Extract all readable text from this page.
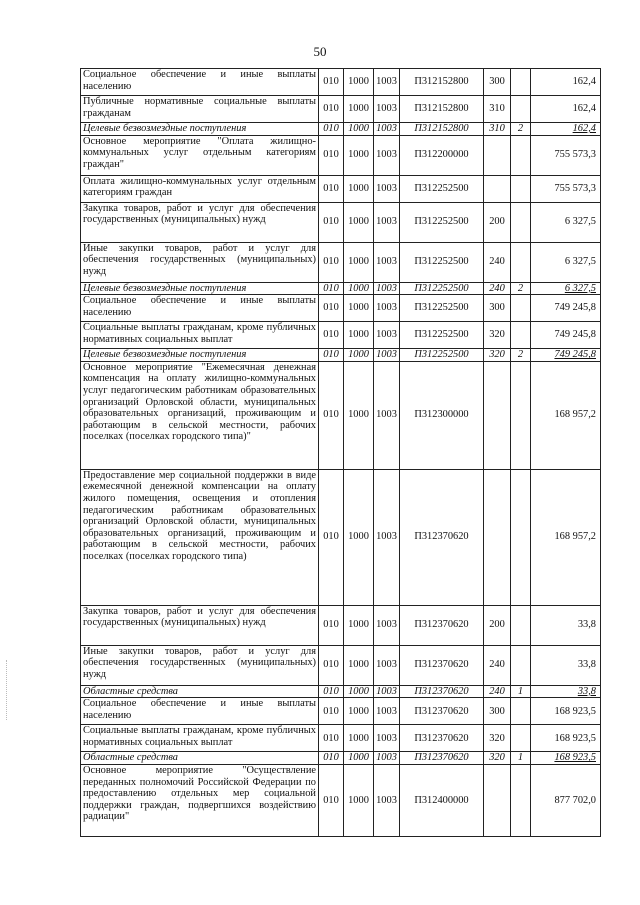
50
Социальное обеспечение и иные выплаты населению	010	1000	1003	П312152800	300		162,4
Публичные нормативные социальные выплаты гражданам	010	1000	1003	П312152800	310		162,4
Целевые безвозмездные поступления	010	1000	1003	П312152800	310	2	162,4
Основное мероприятие "Оплата жилищно-коммунальных услуг отдельным категориям граждан"	010	1000	1003	П312200000			755 573,3
Оплата жилищно-коммунальных услуг отдельным категориям граждан	010	1000	1003	П312252500			755 573,3
Закупка товаров, работ и услуг для обеспечения государственных (муниципальных) нужд	010	1000	1003	П312252500	200		6 327,5
Иные закупки товаров, работ и услуг для обеспечения государственных (муниципальных) нужд	010	1000	1003	П312252500	240		6 327,5
Целевые безвозмездные поступления	010	1000	1003	П312252500	240	2	6 327,5
Социальное обеспечение и иные выплаты населению	010	1000	1003	П312252500	300		749 245,8
Социальные выплаты гражданам, кроме публичных нормативных социальных выплат	010	1000	1003	П312252500	320		749 245,8
Целевые безвозмездные поступления	010	1000	1003	П312252500	320	2	749 245,8
Основное мероприятие "Ежемесячная денежная компенсация на оплату жилищно-коммунальных услуг педагогическим работникам образовательных организаций Орловской области, муниципальных образовательных организаций, проживающим и работающим в сельской местности, рабочих поселках (поселках городского типа)"	010	1000	1003	П312300000			168 957,2
Предоставление мер социальной поддержки в виде ежемесячной денежной компенсации на оплату жилого помещения, освещения и отопления педагогическим работникам образовательных организаций Орловской области, муниципальных образовательных организаций, проживающим и работающим в сельской местности, рабочих поселках (поселках городского типа)	010	1000	1003	П312370620			168 957,2
Закупка товаров, работ и услуг для обеспечения государственных (муниципальных) нужд	010	1000	1003	П312370620	200		33,8
Иные закупки товаров, работ и услуг для обеспечения государственных (муниципальных) нужд	010	1000	1003	П312370620	240		33,8
Областные средства	010	1000	1003	П312370620	240	1	33,8
Социальное обеспечение и иные выплаты населению	010	1000	1003	П312370620	300		168 923,5
Социальные выплаты гражданам, кроме публичных нормативных социальных выплат	010	1000	1003	П312370620	320		168 923,5
Областные средства	010	1000	1003	П312370620	320	1	168 923,5
Основное мероприятие "Осуществление переданных полномочий Российской Федерации по предоставлению отдельных мер социальной поддержки граждан, подвергшихся воздействию радиации"	010	1000	1003	П312400000			877 702,0
